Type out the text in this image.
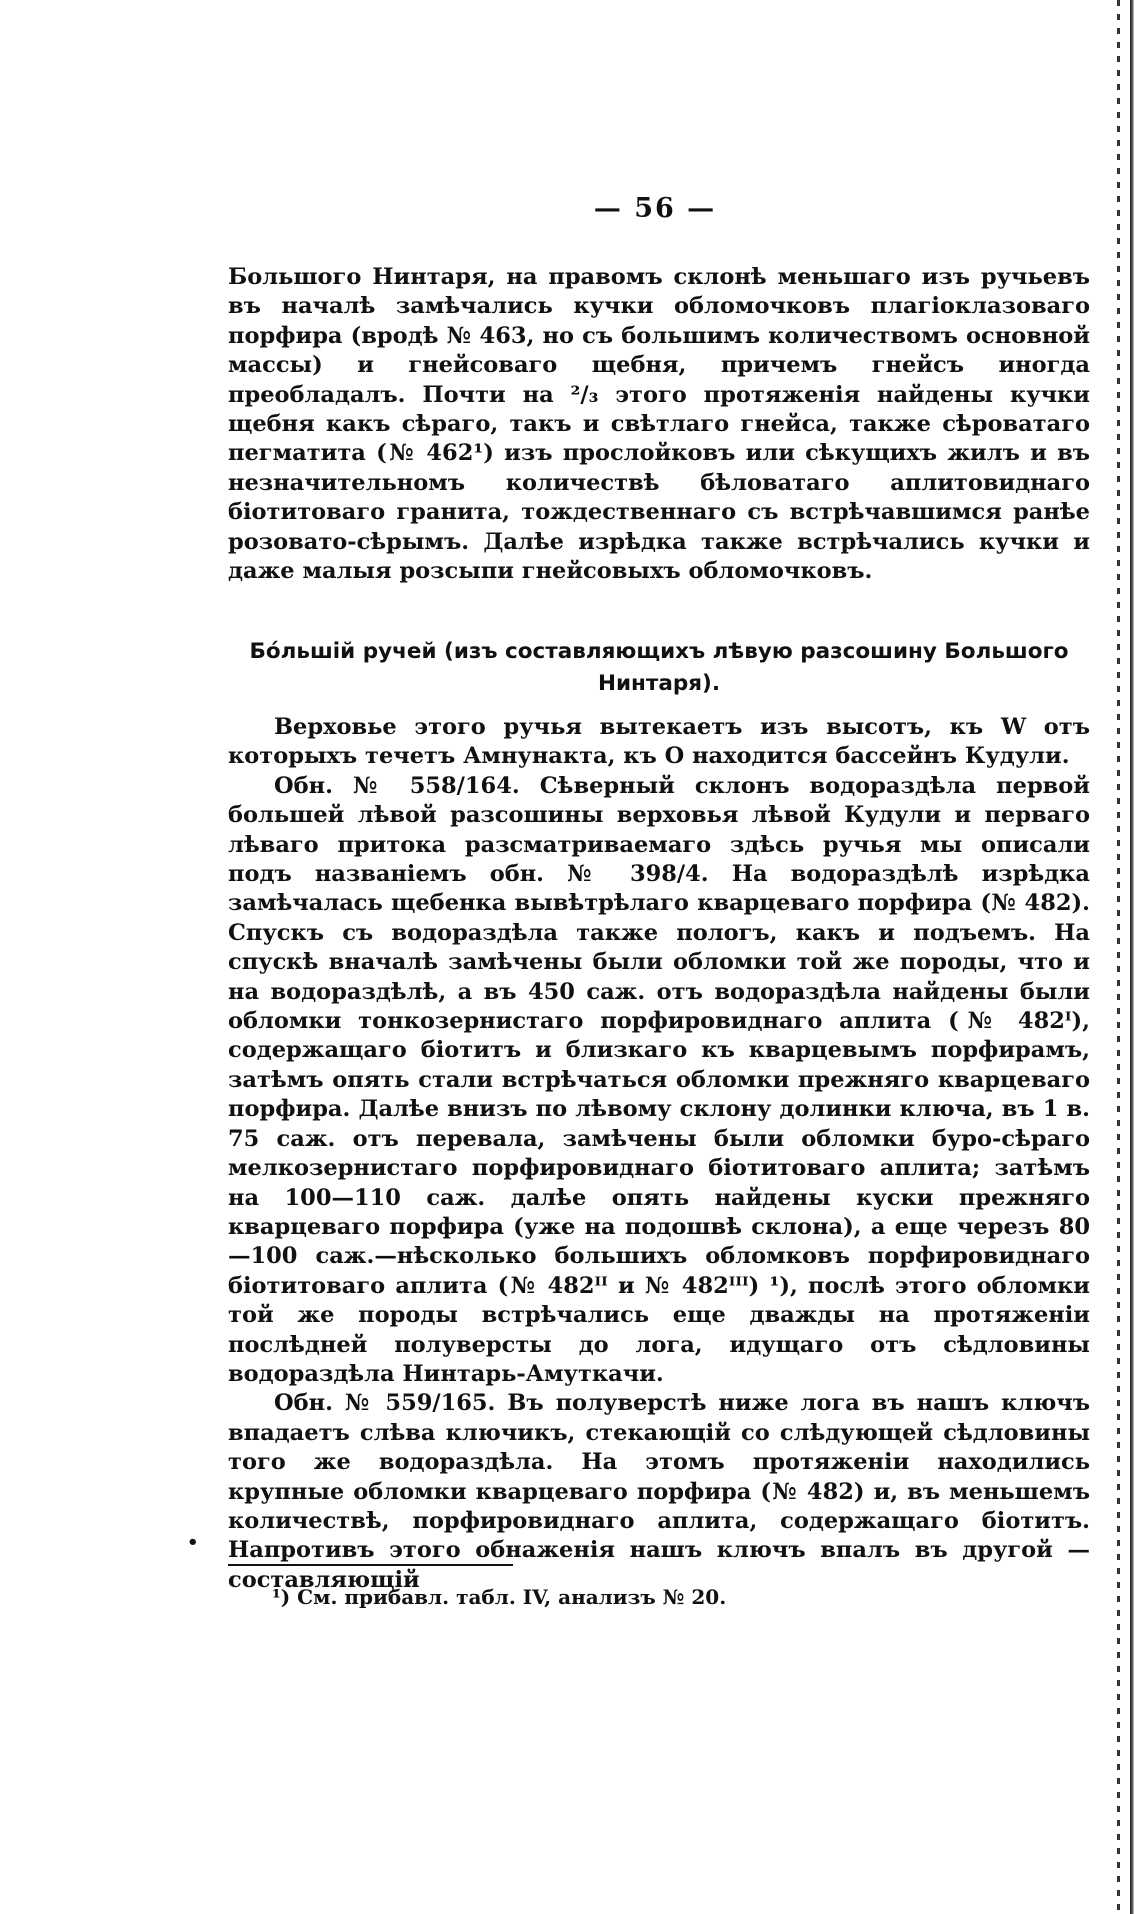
— 56 —

Большого Нинтаря, на правомъ склонѣ меньшаго изъ ручьевъ въ началѣ замѣчались кучки обломочковъ плагіоклазоваго порфира (вродѣ № 463, но съ большимъ количествомъ основной массы) и гнейсоваго щебня, причемъ гнейсъ иногда преобладалъ. Почти на ²/₃ этого протяженія найдены кучки щебня какъ сѣраго, такъ и свѣтлаго гнейса, также сѣроватаго пегматита (№ 462¹) изъ прослойковъ или сѣкущихъ жилъ и въ незначительномъ количествѣ бѣловатаго аплитовиднаго біотитоваго гранита, тождественнаго съ встрѣчавшимся ранѣе розовато-сѣрымъ. Далѣе изрѣдка также встрѣчались кучки и даже малыя розсыпи гнейсовыхъ обломочковъ.

Бóльшій ручей (изъ составляющихъ лѣвую разсошину Большого Нинтаря).

Верховье этого ручья вытекаетъ изъ высотъ, къ W отъ которыхъ течетъ Амнунакта, къ О находится бассейнъ Кудули.

Обн. № 558/164. Сѣверный склонъ водораздѣла первой большей лѣвой разсошины верховья лѣвой Кудули и перваго лѣваго притока разсматриваемаго здѣсь ручья мы описали подъ названіемъ обн. № 398/4. На водораздѣлѣ изрѣдка замѣчалась щебенка вывѣтрѣлаго кварцеваго порфира (№ 482). Спускъ съ водораздѣла также пологъ, какъ и подъемъ. На спускѣ вначалѣ замѣчены были обломки той же породы, что и на водораздѣлѣ, а въ 450 саж. отъ водораздѣла найдены были обломки тонкозернистаго порфировиднаго аплита (№ 482ᴵ), содержащаго біотитъ и близкаго къ кварцевымъ порфирамъ, затѣмъ опять стали встрѣчаться обломки прежняго кварцеваго порфира. Далѣе внизъ по лѣвому склону долинки ключа, въ 1 в. 75 саж. отъ перевала, замѣчены были обломки буро-сѣраго мелкозернистаго порфировиднаго біотитоваго аплита; затѣмъ на 100—110 саж. далѣе опять найдены куски прежняго кварцеваго порфира (уже на подошвѣ склона), а еще черезъ 80—100 саж.—нѣсколько большихъ обломковъ порфировиднаго біотитоваго аплита (№ 482ᴵᴵ и № 482ᴵᴵᴵ) ¹), послѣ этого обломки той же породы встрѣчались еще дважды на протяженіи послѣдней полуверсты до лога, идущаго отъ сѣдловины водораздѣла Нинтарь-Амуткачи.

Обн. № 559/165. Въ полуверстѣ ниже лога въ нашъ ключъ впадаетъ слѣва ключикъ, стекающій со слѣдующей сѣдловины того же водораздѣла. На этомъ протяженіи находились крупные обломки кварцеваго порфира (№ 482) и, въ меньшемъ количествѣ, порфировиднаго аплита, содержащаго біотитъ. Напротивъ этого обнаженія нашъ ключъ впалъ въ другой — составляющій

•
¹) См. прибавл. табл. IV, анализъ № 20.
